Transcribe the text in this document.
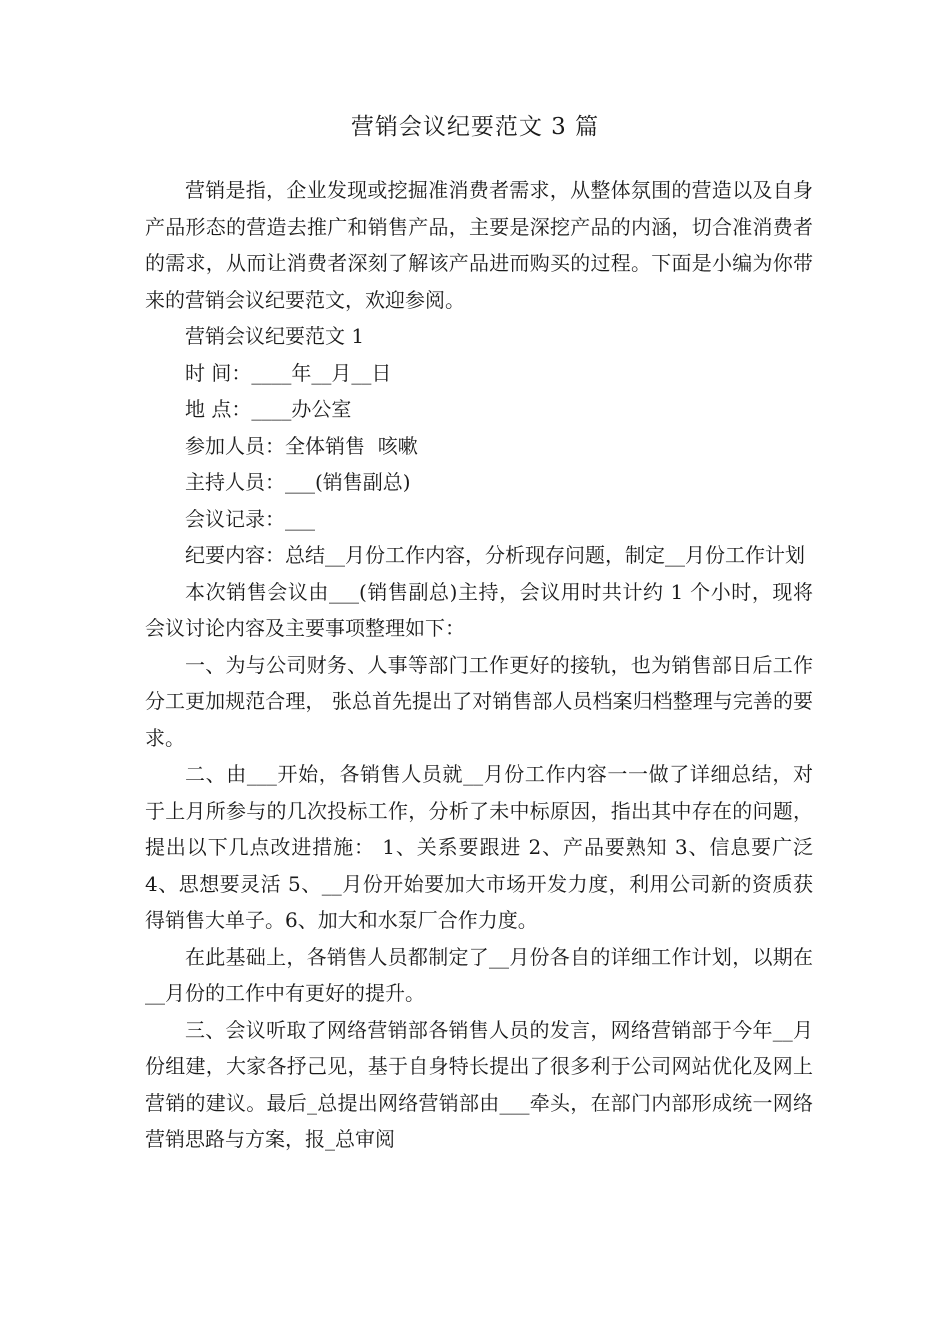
营销会议纪要范文 3 篇

营销是指，企业发现或挖掘准消费者需求，从整体氛围的营造以及自身产品形态的营造去推广和销售产品，主要是深挖产品的内涵，切合准消费者的需求，从而让消费者深刻了解该产品进而购买的过程。下面是小编为你带来的营销会议纪要范文，欢迎参阅。

营销会议纪要范文 1

时 间：____年__月__日

地 点：____办公室

参加人员：全体销售  咳嗽

主持人员：___(销售副总)

会议记录：___

纪要内容：总结__月份工作内容，分析现存问题，制定__月份工作计划

本次销售会议由___(销售副总)主持，会议用时共计约 1 个小时，现将会议讨论内容及主要事项整理如下：

一、为与公司财务、人事等部门工作更好的接轨，也为销售部日后工作分工更加规范合理， 张总首先提出了对销售部人员档案归档整理与完善的要求。

二、由___开始，各销售人员就__月份工作内容一一做了详细总结，对于上月所参与的几次投标工作，分析了未中标原因，指出其中存在的问题，提出以下几点改进措施： 1、关系要跟进 2、产品要熟知 3、信息要广泛 4、思想要灵活 5、__月份开始要加大市场开发力度，利用公司新的资质获得销售大单子。6、加大和水泵厂合作力度。

在此基础上，各销售人员都制定了__月份各自的详细工作计划，以期在__月份的工作中有更好的提升。

三、会议听取了网络营销部各销售人员的发言，网络营销部于今年__月份组建，大家各抒己见，基于自身特长提出了很多利于公司网站优化及网上营销的建议。最后_总提出网络营销部由___牵头，在部门内部形成统一网络营销思路与方案，报_总审阅
